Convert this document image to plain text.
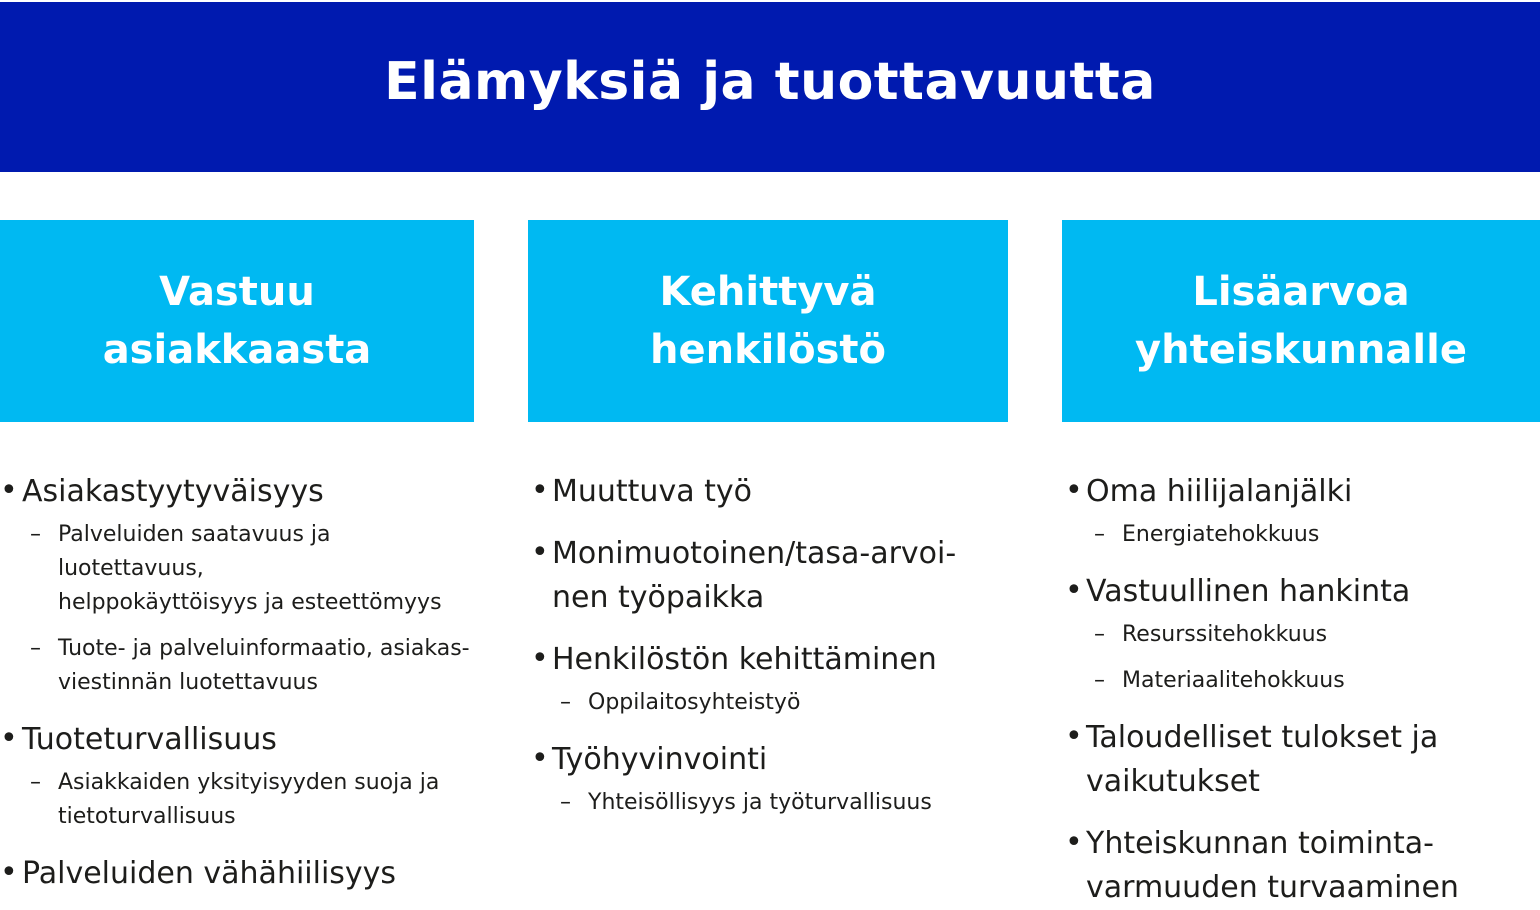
Elämyksiä ja tuottavuutta
Vastuu
asiakkaasta
• Asiakastyytyväisyys
– Palveluiden saatavuus ja luotettavuus,
helppokäyttöisyys ja esteettömyys
– Tuote- ja palveluinformaatio, asiakas-
viestinnän luotettavuus
• Tuoteturvallisuus
– Asiakkaiden yksityisyyden suoja ja
tietoturvallisuus
• Palveluiden vähähiilisyys
Kehittyvä
henkilöstö
• Muuttuva työ
• Monimuotoinen/tasa-arvoi-
nen työpaikka
• Henkilöstön kehittäminen
– Oppilaitosyhteistyö
• Työhyvinvointi
– Yhteisöllisyys ja työturvallisuus
Lisäarvoa
yhteiskunnalle
• Oma hiilijalanjälki
– Energiatehokkuus
• Vastuullinen hankinta
– Resurssitehokkuus
– Materiaalitehokkuus
• Taloudelliset tulokset ja
vaikutukset
• Yhteiskunnan toiminta-
varmuuden turvaaminen
